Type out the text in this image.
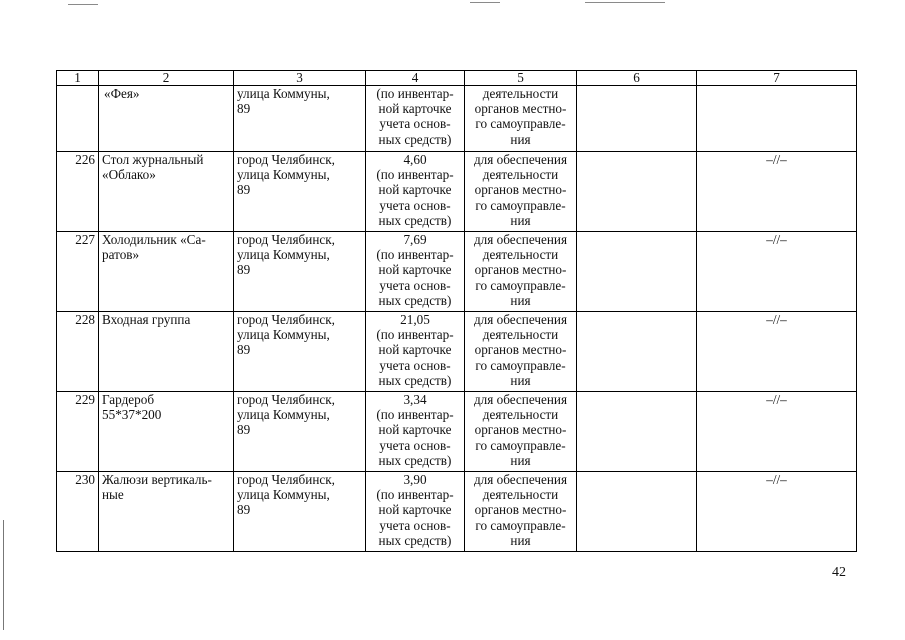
1	2	3	4	5	6	7

	«Фея»	улица Коммуны,
89	(по инвентар-
ной карточке
учета основ-
ных средств)	деятельности
органов местно-
го самоуправле-
ния		

226	Стол журнальный
«Облако»	город Челябинск,
улица Коммуны,
89	4,60
(по инвентар-
ной карточке
учета основ-
ных средств)	для обеспечения
деятельности
органов местно-
го самоуправле-
ния		–//–
227	Холодильник «Са-
ратов»	город Челябинск,
улица Коммуны,
89	7,69
(по инвентар-
ной карточке
учета основ-
ных средств)	для обеспечения
деятельности
органов местно-
го самоуправле-
ния		–//–
228	Входная группа	город Челябинск,
улица Коммуны,
89	21,05
(по инвентар-
ной карточке
учета основ-
ных средств)	для обеспечения
деятельности
органов местно-
го самоуправле-
ния		–//–
229	Гардероб
55*37*200	город Челябинск,
улица Коммуны,
89	3,34
(по инвентар-
ной карточке
учета основ-
ных средств)	для обеспечения
деятельности
органов местно-
го самоуправле-
ния		–//–
230	Жалюзи вертикаль-
ные	город Челябинск,
улица Коммуны,
89	3,90
(по инвентар-
ной карточке
учета основ-
ных средств)	для обеспечения
деятельности
органов местно-
го самоуправле-
ния		–//–
42
